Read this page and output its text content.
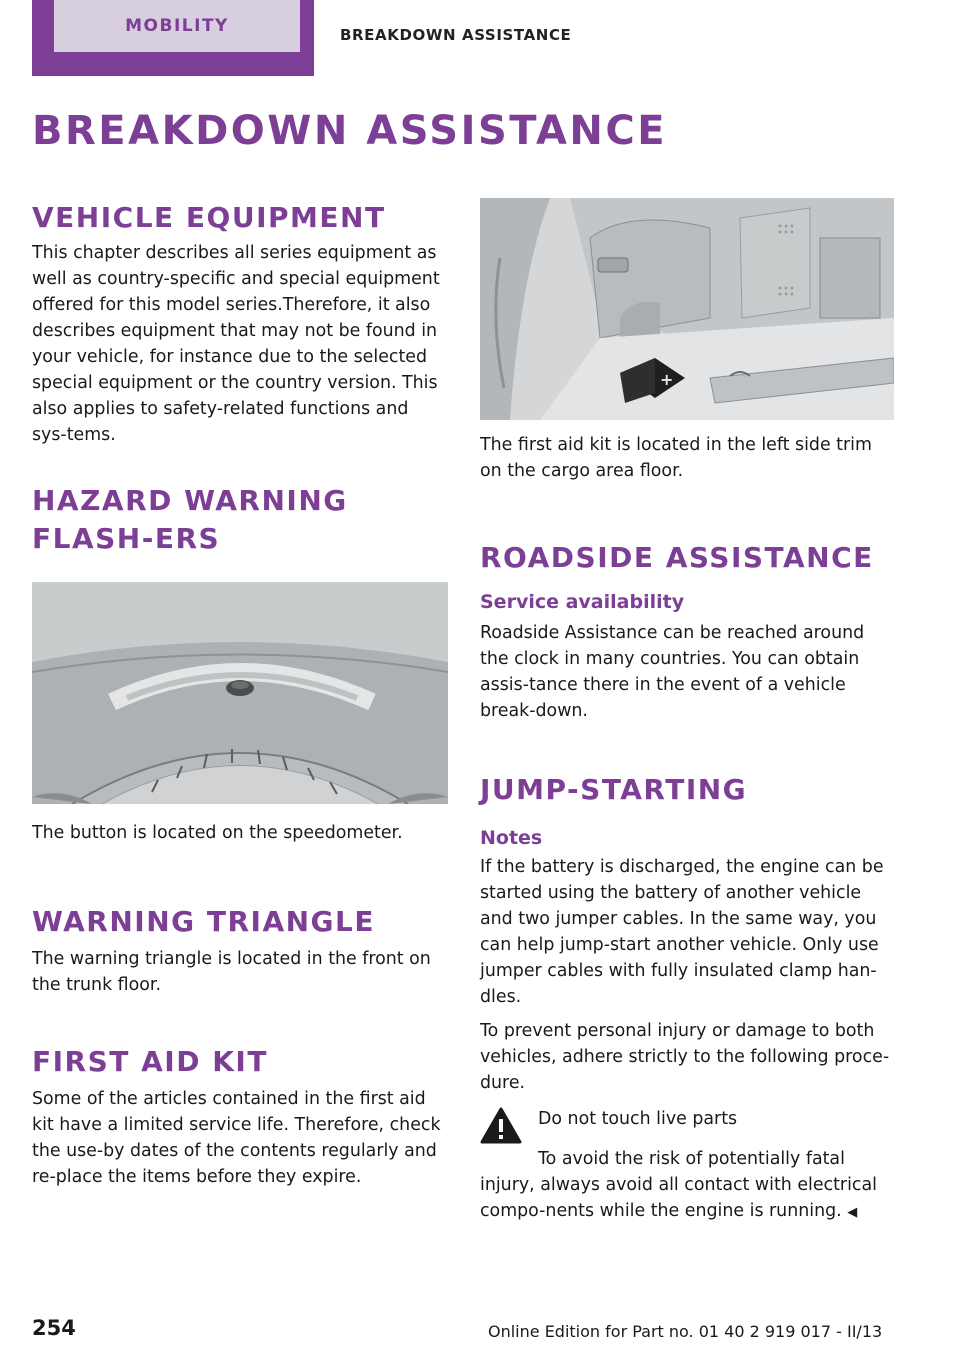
MOBILITY	BREAKDOWN ASSISTANCE
BREAKDOWN ASSISTANCE
VEHICLE EQUIPMENT

This chapter describes all series equipment as well as country-specific and special equipment offered for this model series.Therefore, it also describes equipment that may not be found in your vehicle, for instance due to the selected special equipment or the country version. This also applies to safety-related functions and sys-tems.

HAZARD WARNING FLASH-ERS

The button is located on the speedometer.

WARNING TRIANGLE

The warning triangle is located in the front on the trunk floor.

FIRST AID KIT

Some of the articles contained in the first aid kit have a limited service life. Therefore, check the use-by dates of the contents regularly and re-place the items before they expire.

+

The first aid kit is located in the left side trim on the cargo area floor.

ROADSIDE ASSISTANCE
Service availability

Roadside Assistance can be reached around the clock in many countries. You can obtain assis-tance there in the event of a vehicle break-down.

JUMP-STARTING
Notes

If the battery is discharged, the engine can be started using the battery of another vehicle and two jumper cables. In the same way, you can help jump-start another vehicle. Only use jumper cables with fully insulated clamp han-dles.

To prevent personal injury or damage to both vehicles, adhere strictly to the following proce-dure.

Do not touch live parts

To avoid the risk of potentially fatal injury, always avoid all contact with electrical compo-nents while the engine is running. ◀

254	Online Edition for Part no. 01 40 2 919 017 - II/13
